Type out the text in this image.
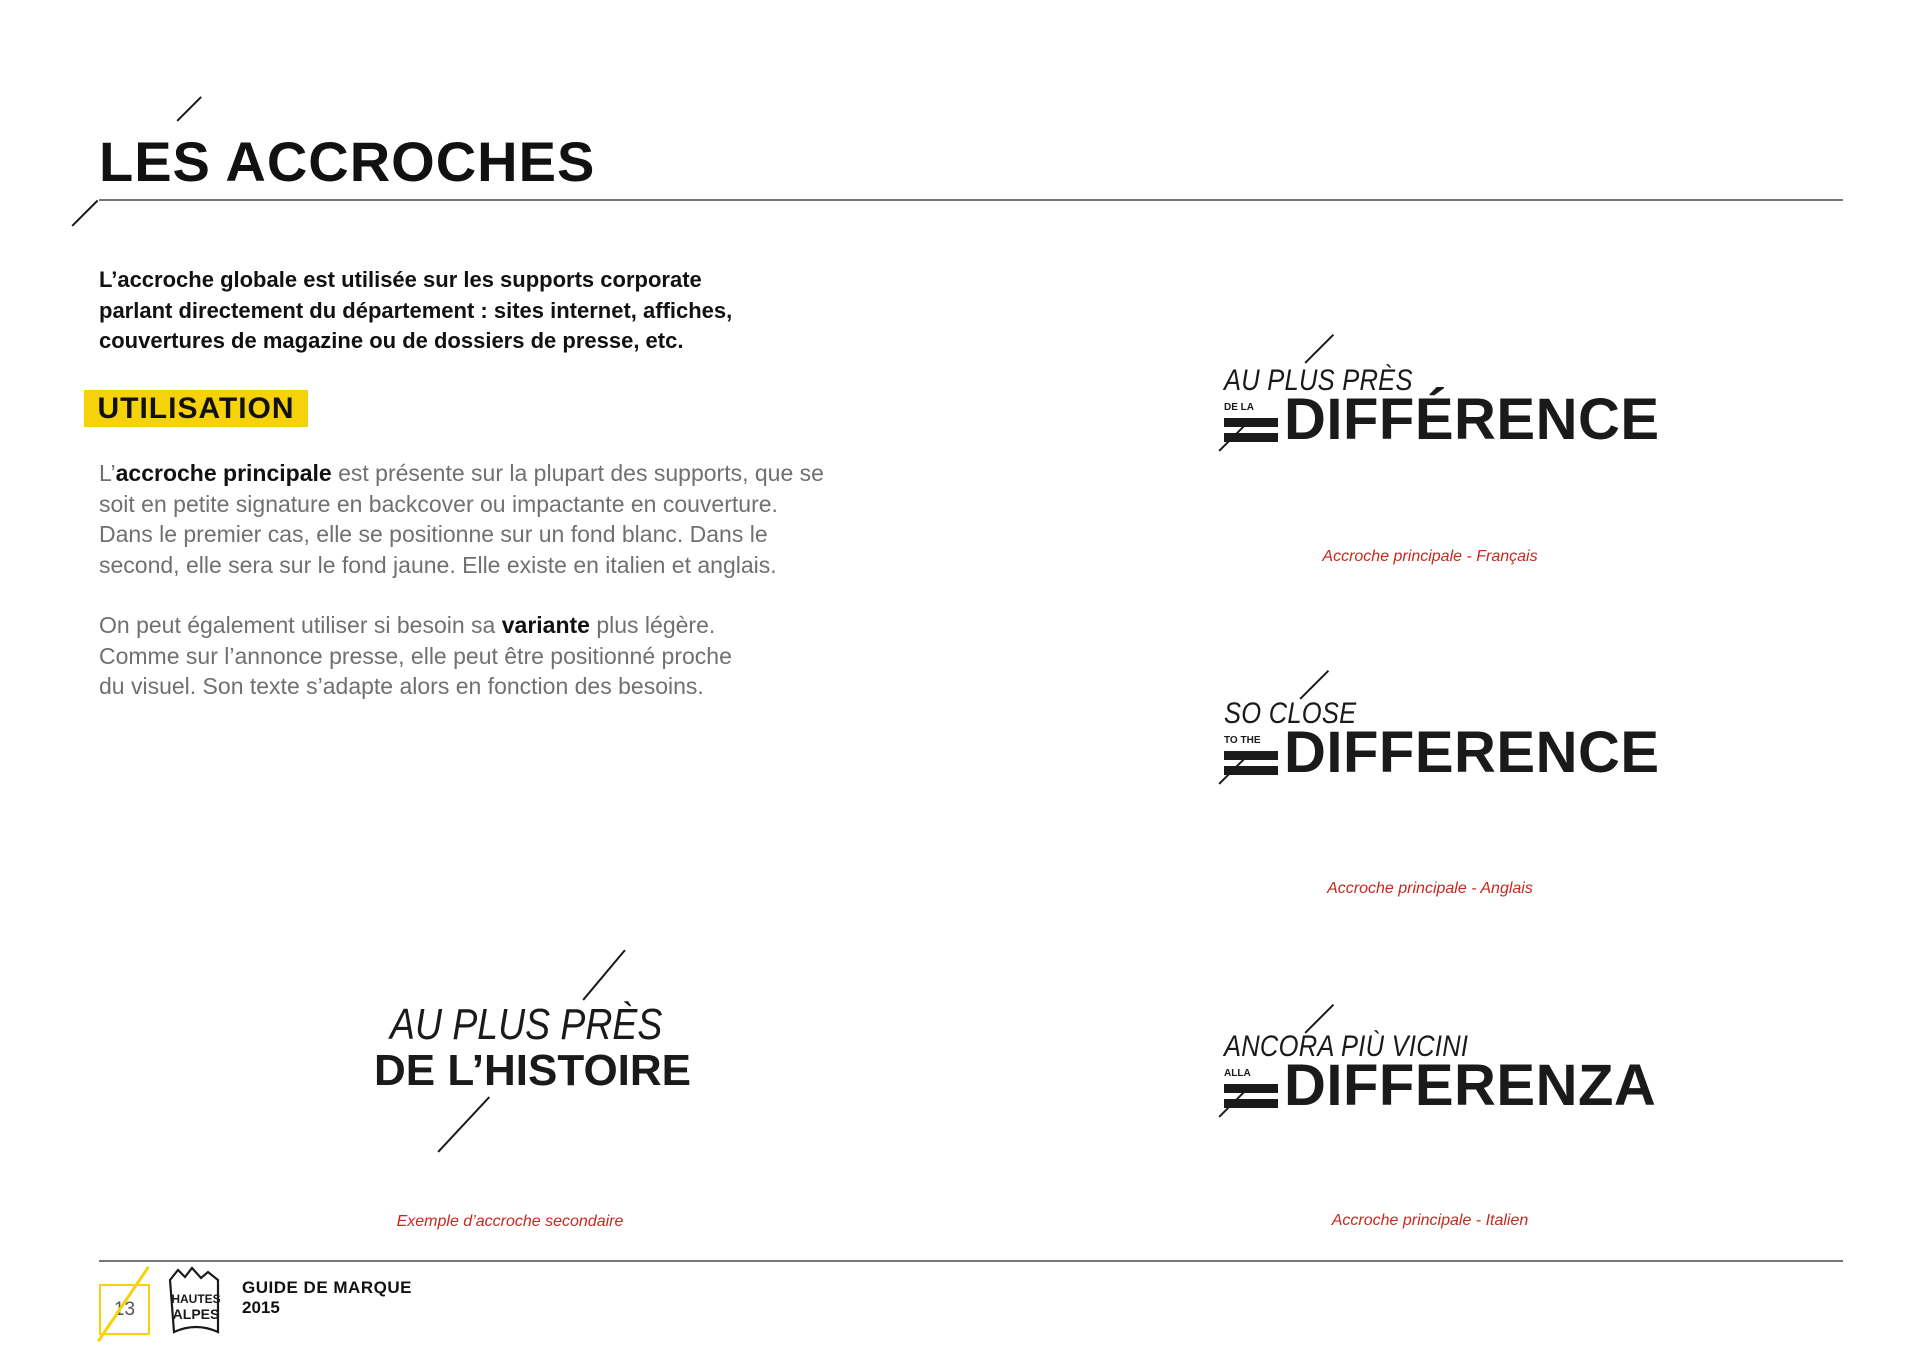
LES ACCROCHES

L’accroche globale est utilisée sur les supports corporate
parlant directement du département : sites internet, affiches,
couvertures de magazine ou de dossiers de presse, etc.

UTILISATION

L’accroche principale est présente sur la plupart des supports, que se
soit en petite signature en backcover ou impactante en couverture.
Dans le premier cas, elle se positionne sur un fond blanc. Dans le
second, elle sera sur le fond jaune. Elle existe en italien et anglais.

On peut également utiliser si besoin sa variante plus légère.
Comme sur l’annonce presse, elle peut être positionné proche
du visuel. Son texte s’adapte alors en fonction des besoins.

AU PLUS PRÈS
DE LA DIFFÉRENCE

Accroche principale - Français

SO CLOSE
TO THE DIFFERENCE

Accroche principale - Anglais

ANCORA PIÙ VICINI
ALLA DIFFERENZA

Accroche principale - Italien

AU PLUS PRÈS
DE L’HISTOIRE

Exemple d’accroche secondaire

13	HAUTES
ALPES

GUIDE DE MARQUE

2015
